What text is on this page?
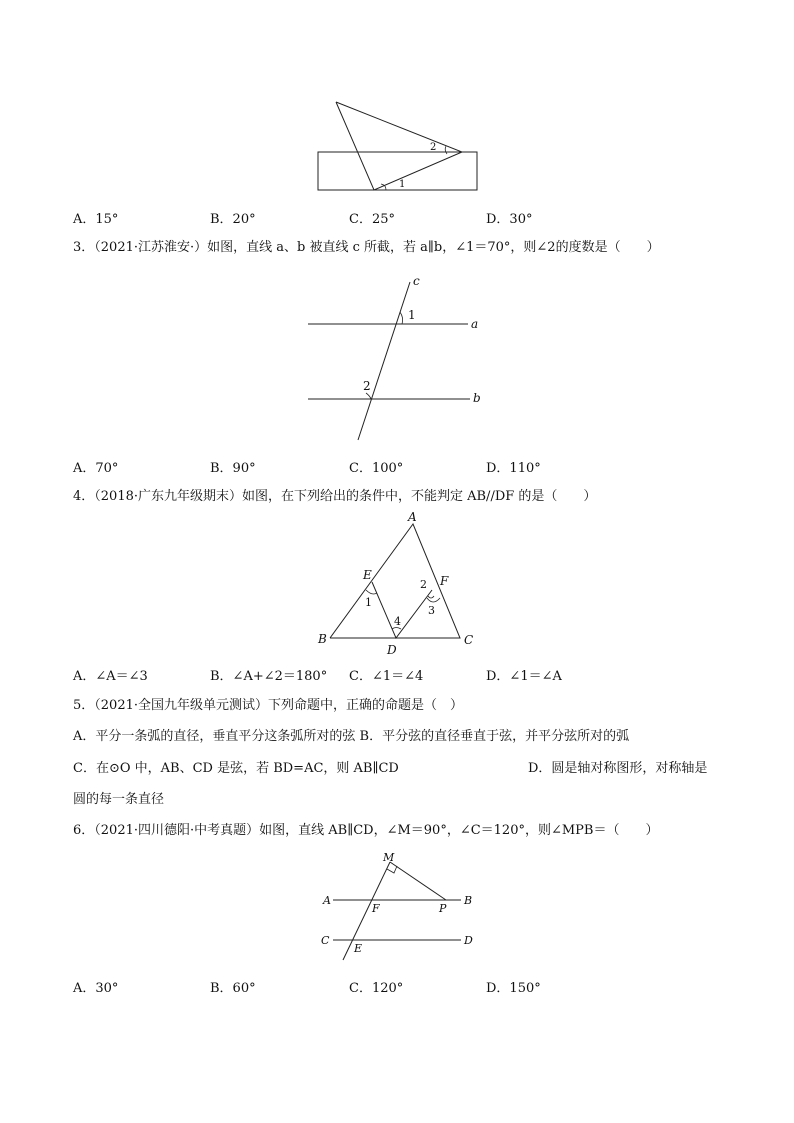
2
1
A．15°	B．20°	C．25°	D．30°
3．（2021·江苏淮安·）如图，直线 a、b 被直线 c 所截，若 a∥b，∠1＝70°，则∠2的度数是（　　）
c
a
b
1
2
A．70°	B．90°	C．100°	D．110°
4．（2018·广东九年级期末）如图，在下列给出的条件中，不能判定 AB//DF 的是（　　）
A
E	F
B
D
C
1
2
3
4
A．∠A＝∠3	B．∠A+∠2＝180° C．∠1＝∠4	D．∠1＝∠A
5．（2021·全国九年级单元测试）下列命题中，正确的命题是（　）
A．平分一条弧的直径，垂直平分这条弧所对的弦 B．平分弦的直径垂直于弦，并平分弦所对的弧
C．在⊙O 中，AB、CD 是弦，若 BD=AC，则 AB∥CD	D．圆是轴对称图形，对称轴是
圆的每一条直径
6．（2021·四川德阳·中考真题）如图，直线 AB∥CD，∠M＝90°，∠C＝120°，则∠MPB＝（　　）
M
A	B
F	P
C
E
D
A．30°	B．60°	C．120°	D．150°
